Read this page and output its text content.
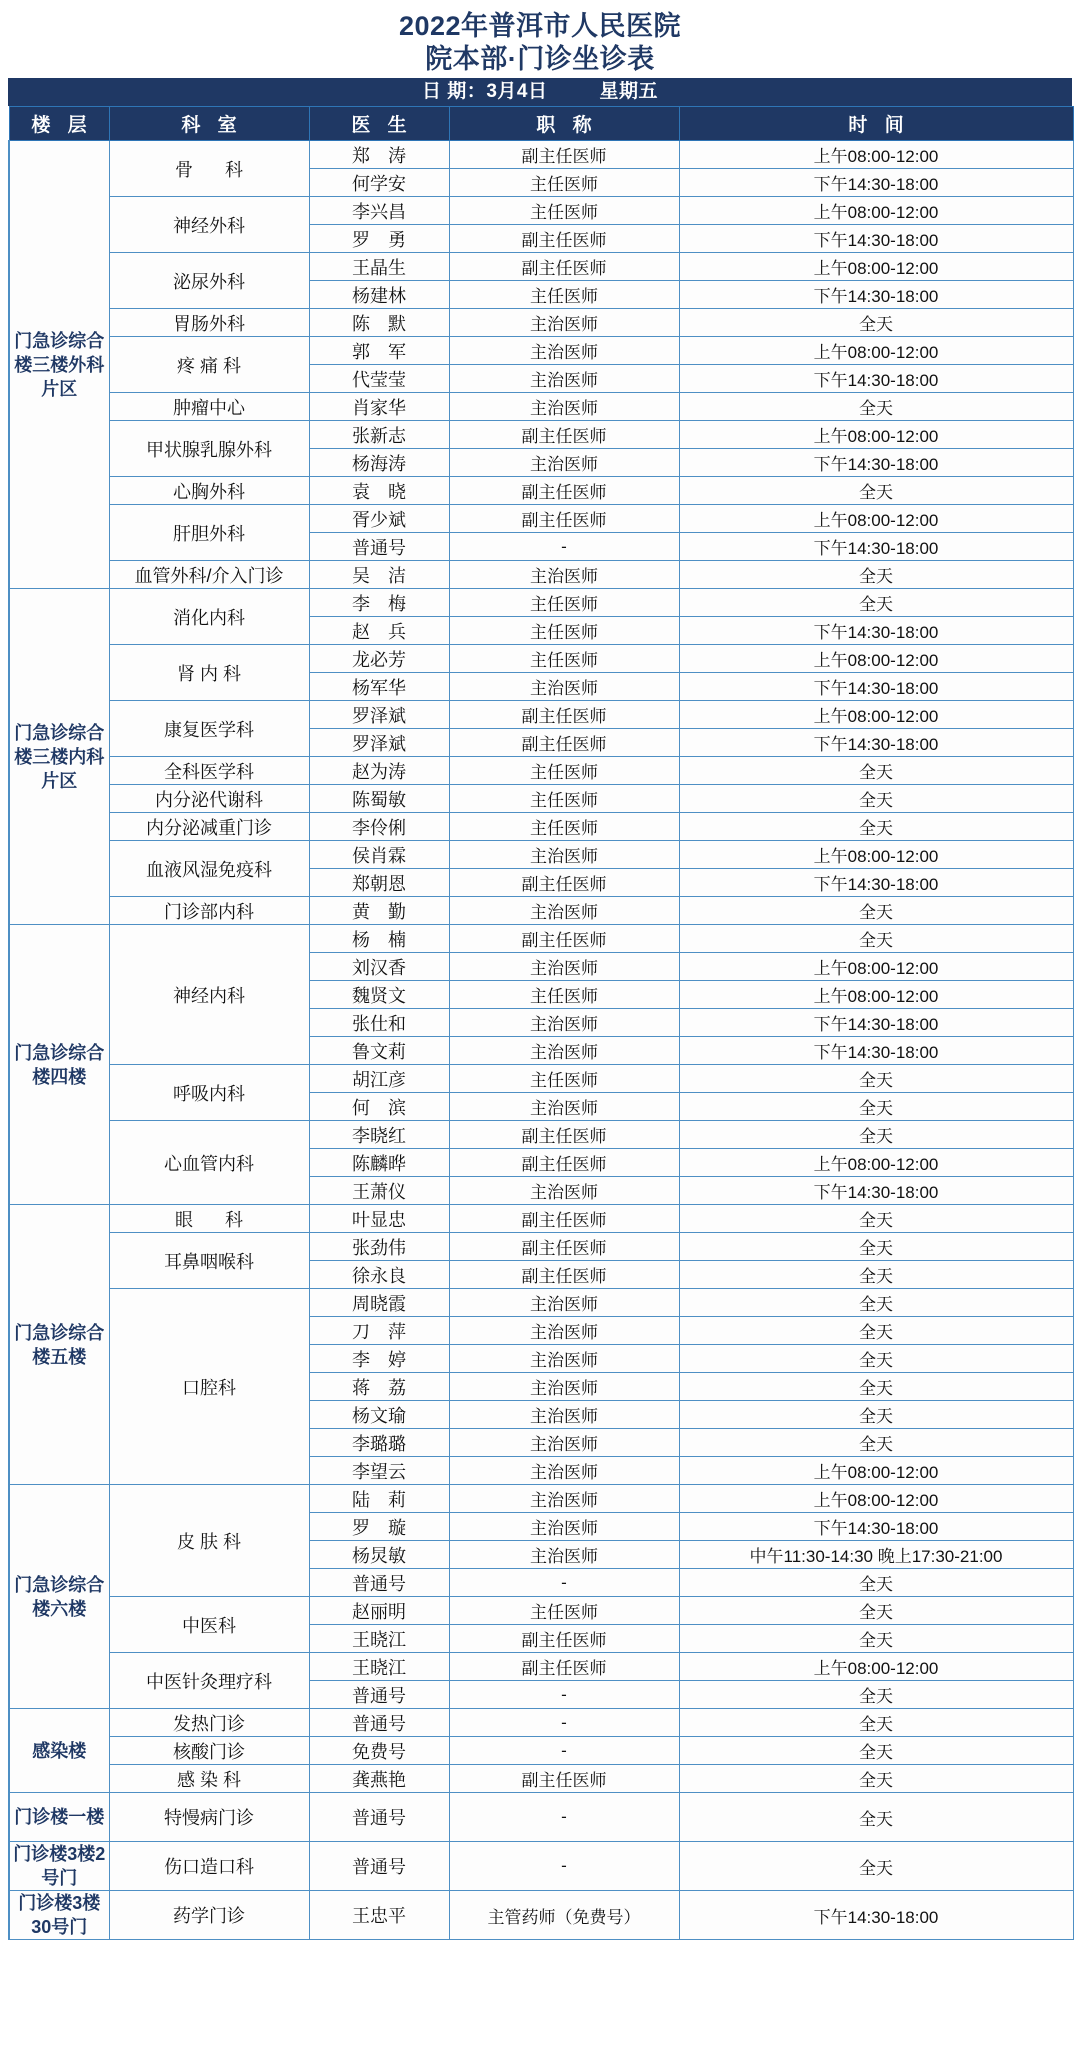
2022年普洱市人民医院
院本部·门诊坐诊表
日 期：3月4日	星期五
楼 层	科 室	医 生	职 称	时 间
门急诊综合楼三楼外科片区	骨　科	郑　涛	副主任医师	上午08:00-12:00
		何学安	主任医师	下午14:30-18:00
	神经外科	李兴昌	主任医师	上午08:00-12:00
		罗　勇	副主任医师	下午14:30-18:00
	泌尿外科	王晶生	副主任医师	上午08:00-12:00
		杨建林	主任医师	下午14:30-18:00
	胃肠外科	陈　默	主治医师	全天
	疼 痛 科	郭　军	主治医师	上午08:00-12:00
		代莹莹	主治医师	下午14:30-18:00
	肿瘤中心	肖家华	主治医师	全天
	甲状腺乳腺外科	张新志	副主任医师	上午08:00-12:00
		杨海涛	主治医师	下午14:30-18:00
	心胸外科	袁　晓	副主任医师	全天
	肝胆外科	胥少斌	副主任医师	上午08:00-12:00
		普通号	-	下午14:30-18:00
	血管外科/介入门诊	吴　洁	主治医师	全天
门急诊综合楼三楼内科片区	消化内科	李　梅	主任医师	全天
		赵　兵	主任医师	下午14:30-18:00
	肾 内 科	龙必芳	主任医师	上午08:00-12:00
		杨军华	主治医师	下午14:30-18:00
	康复医学科	罗泽斌	副主任医师	上午08:00-12:00
		罗泽斌	副主任医师	下午14:30-18:00
	全科医学科	赵为涛	主任医师	全天
	内分泌代谢科	陈蜀敏	主任医师	全天
	内分泌减重门诊	李伶俐	主任医师	全天
	血液风湿免疫科	侯肖霖	主治医师	上午08:00-12:00
		郑朝恩	副主任医师	下午14:30-18:00
	门诊部内科	黄　勤	主治医师	全天
门急诊综合楼四楼	神经内科	杨　楠	副主任医师	全天
		刘汉香	主治医师	上午08:00-12:00
		魏贤文	主任医师	上午08:00-12:00
		张仕和	主治医师	下午14:30-18:00
		鲁文莉	主治医师	下午14:30-18:00
	呼吸内科	胡江彦	主任医师	全天
		何　滨	主治医师	全天
	心血管内科	李晓红	副主任医师	全天
		陈麟晔	副主任医师	上午08:00-12:00
		王萧仪	主治医师	下午14:30-18:00
门急诊综合楼五楼	眼　科	叶显忠	副主任医师	全天
	耳鼻咽喉科	张劲伟	副主任医师	全天
		徐永良	副主任医师	全天
	口腔科	周晓霞	主治医师	全天
		刀　萍	主治医师	全天
		李　婷	主治医师	全天
		蒋　荔	主治医师	全天
		杨文瑜	主治医师	全天
		李璐璐	主治医师	全天
		李望云	主治医师	上午08:00-12:00
门急诊综合楼六楼	皮 肤 科	陆　莉	主治医师	上午08:00-12:00
		罗　璇	主治医师	下午14:30-18:00
		杨炅敏	主治医师	中午11:30-14:30 晚上17:30-21:00
		普通号	-	全天
	中医科	赵丽明	主任医师	全天
		王晓江	副主任医师	全天
	中医针灸理疗科	王晓江	副主任医师	上午08:00-12:00
		普通号	-	全天
感染楼	发热门诊	普通号	-	全天
	核酸门诊	免费号	-	全天
	感 染 科	龚燕艳	副主任医师	全天
门诊楼一楼	特慢病门诊	普通号	-	全天
门诊楼3楼2号门	伤口造口科	普通号	-	全天
门诊楼3楼30号门	药学门诊	王忠平	主管药师（免费号）	下午14:30-18:00
